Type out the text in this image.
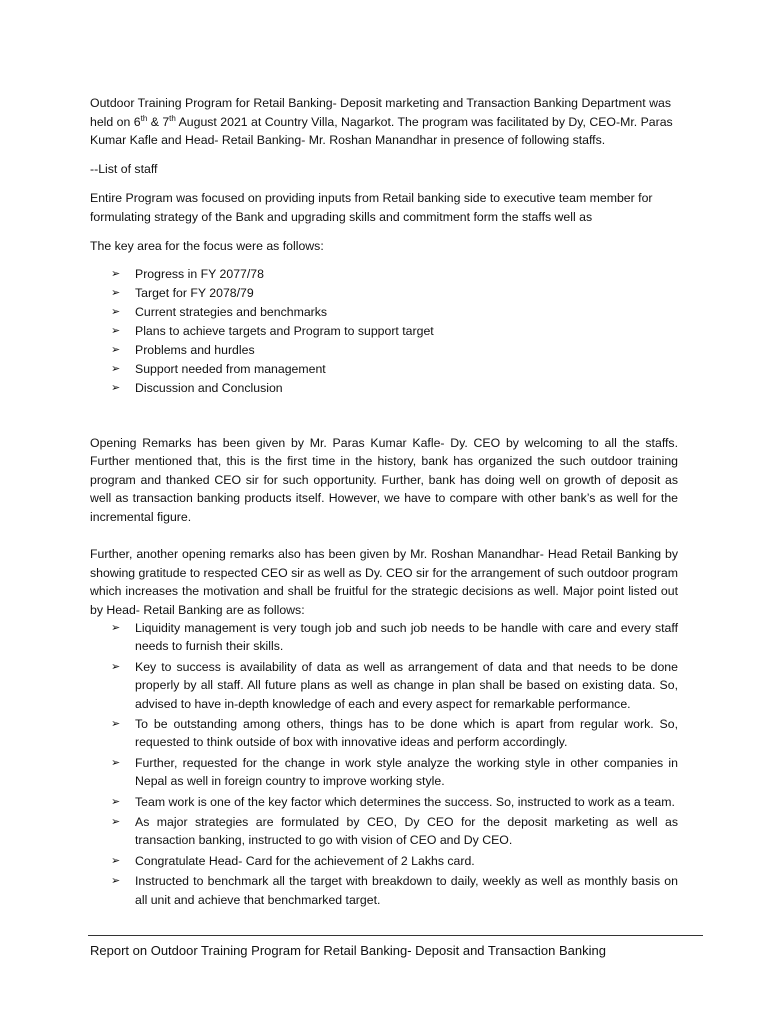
Outdoor Training Program for Retail Banking- Deposit marketing and Transaction Banking Department was held on 6th & 7th August 2021 at Country Villa, Nagarkot. The program was facilitated by Dy, CEO-Mr. Paras Kumar Kafle and Head- Retail Banking- Mr. Roshan Manandhar in presence of following staffs.

--List of staff

Entire Program was focused on providing inputs from Retail banking side to executive team member for formulating strategy of the Bank and upgrading skills and commitment form the staffs well as

The key area for the focus were as follows:

➢ Progress in FY 2077/78
➢ Target for FY 2078/79
➢ Current strategies and benchmarks
➢ Plans to achieve targets and Program to support target
➢ Problems and hurdles
➢ Support needed from management
➢ Discussion and Conclusion

Opening Remarks has been given by Mr. Paras Kumar Kafle- Dy. CEO by welcoming to all the staffs. Further mentioned that, this is the first time in the history, bank has organized the such outdoor training program and thanked CEO sir for such opportunity. Further, bank has doing well on growth of deposit as well as transaction banking products itself. However, we have to compare with other bank’s as well for the incremental figure.

Further, another opening remarks also has been given by Mr. Roshan Manandhar- Head Retail Banking by showing gratitude to respected CEO sir as well as Dy. CEO sir for the arrangement of such outdoor program which increases the motivation and shall be fruitful for the strategic decisions as well. Major point listed out by Head- Retail Banking are as follows:

➢ Liquidity management is very tough job and such job needs to be handle with care and every staff needs to furnish their skills.
➢ Key to success is availability of data as well as arrangement of data and that needs to be done properly by all staff. All future plans as well as change in plan shall be based on existing data. So, advised to have in-depth knowledge of each and every aspect for remarkable performance.
➢ To be outstanding among others, things has to be done which is apart from regular work. So, requested to think outside of box with innovative ideas and perform accordingly.
➢ Further, requested for the change in work style analyze the working style in other companies in Nepal as well in foreign country to improve working style.
➢ Team work is one of the key factor which determines the success. So, instructed to work as a team.
➢ As major strategies are formulated by CEO, Dy CEO for the deposit marketing as well as transaction banking, instructed to go with vision of CEO and Dy CEO.
➢ Congratulate Head- Card for the achievement of 2 Lakhs card.
➢ Instructed to benchmark all the target with breakdown to daily, weekly as well as monthly basis on all unit and achieve that benchmarked target.
Report on Outdoor Training Program for Retail Banking- Deposit and Transaction Banking
